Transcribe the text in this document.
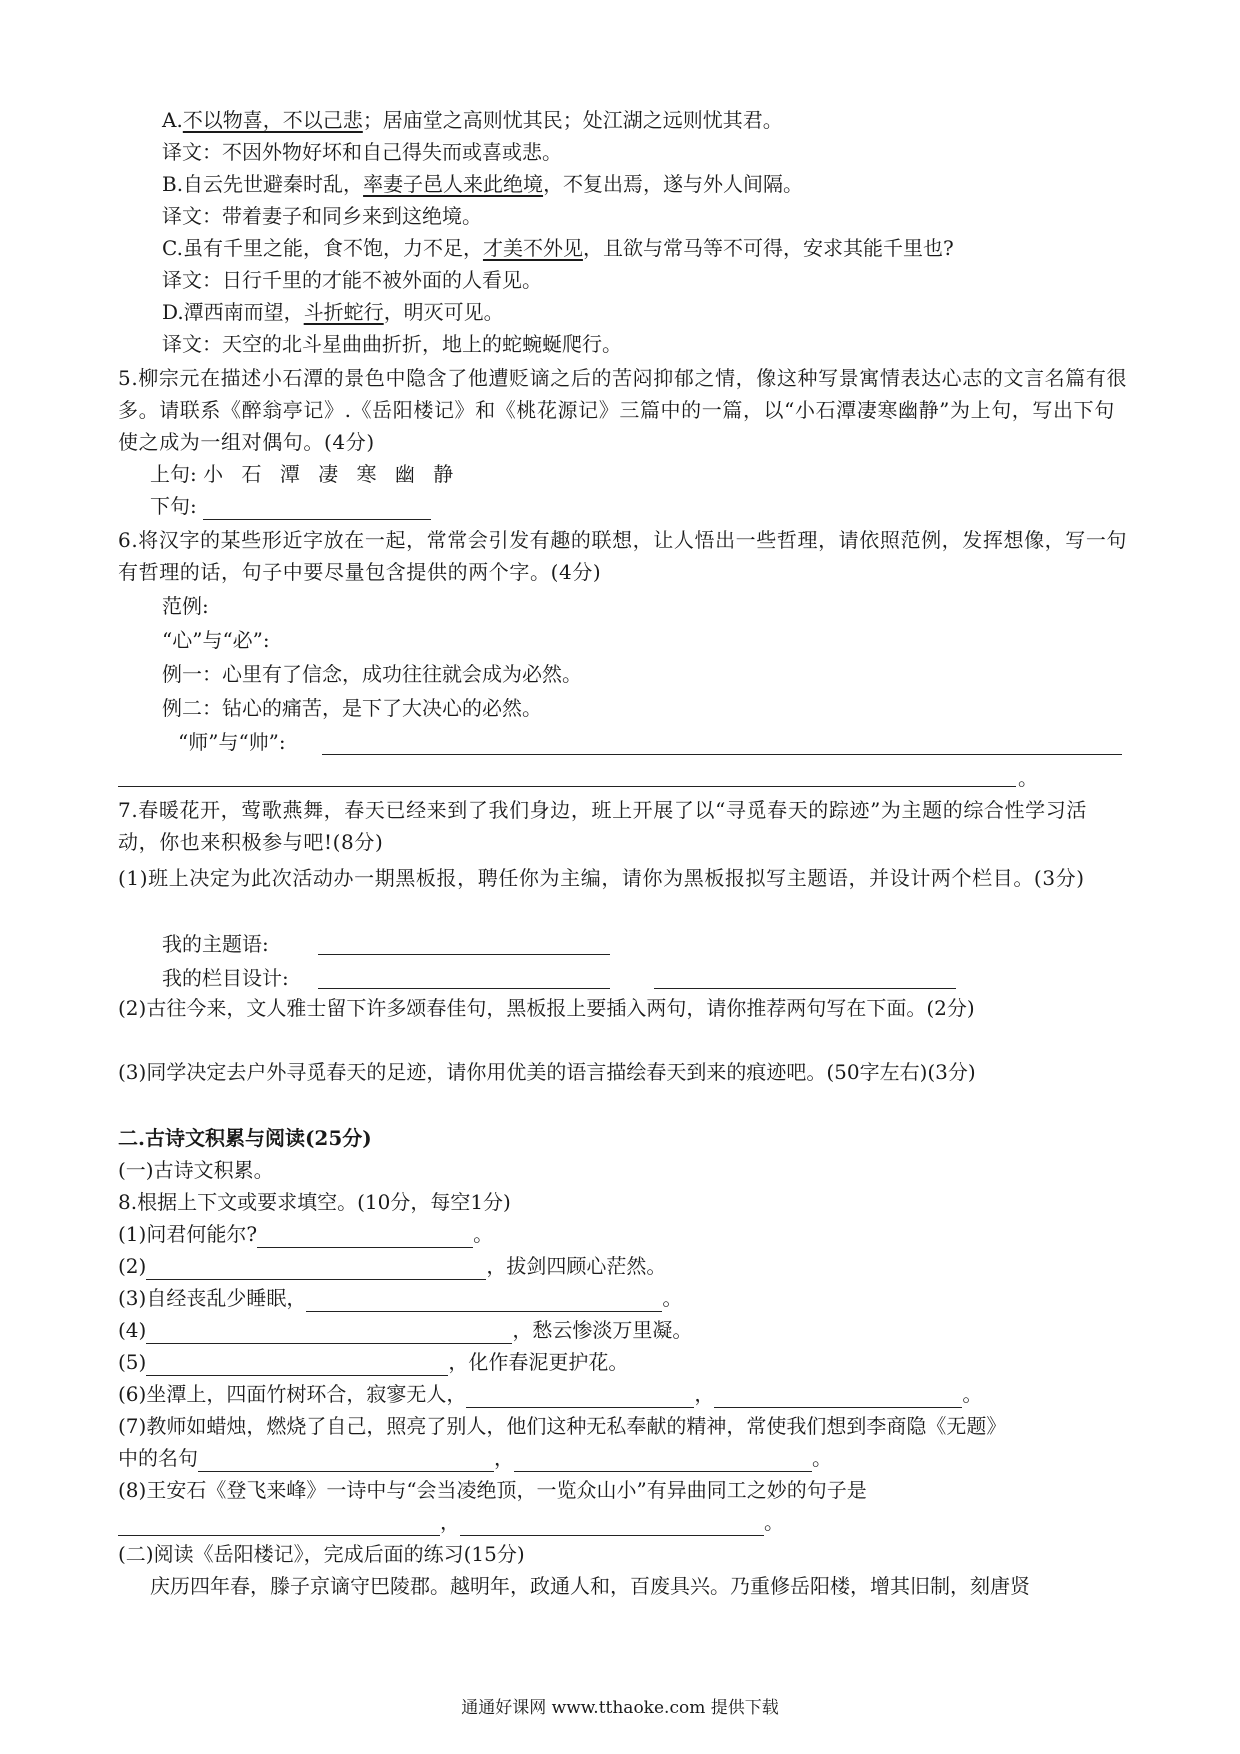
A.不以物喜，不以己悲；居庙堂之高则忧其民；处江湖之远则忧其君。
译文：不因外物好坏和自己得失而或喜或悲。
B.自云先世避秦时乱，率妻子邑人来此绝境，不复出焉，遂与外人间隔。
译文：带着妻子和同乡来到这绝境。
C.虽有千里之能，食不饱，力不足，才美不外见，且欲与常马等不可得，安求其能千里也?
译文：日行千里的才能不被外面的人看见。
D.潭西南而望，斗折蛇行，明灭可见。
译文：天空的北斗星曲曲折折，地上的蛇蜿蜒爬行。
5.柳宗元在描述小石潭的景色中隐含了他遭贬谪之后的苦闷抑郁之情，像这种写景寓情表达心志的文言名篇有很多。请联系《醉翁亭记》.《岳阳楼记》和《桃花源记》三篇中的一篇，以“小石潭凄寒幽静”为上句，写出下句使之成为一组对偶句。(4分)
上句: 小 石 潭 凄 寒 幽 静
下句:
6.将汉字的某些形近字放在一起，常常会引发有趣的联想，让人悟出一些哲理，请依照范例，发挥想像，写一句有哲理的话，句子中要尽量包含提供的两个字。(4分)
范例:
“心”与“必”:
例一：心里有了信念，成功往往就会成为必然。
例二：钻心的痛苦，是下了大决心的必然。
“师”与“帅”:
。
7.春暖花开，莺歌燕舞，春天已经来到了我们身边，班上开展了以“寻觅春天的踪迹”为主题的综合性学习活动，你也来积极参与吧!(8分)
(1)班上决定为此次活动办一期黑板报，聘任你为主编，请你为黑板报拟写主题语，并设计两个栏目。(3分)
我的主题语:
我的栏目设计:
(2)古往今来，文人雅士留下许多颂春佳句，黑板报上要插入两句，请你推荐两句写在下面。(2分)
(3)同学决定去户外寻觅春天的足迹，请你用优美的语言描绘春天到来的痕迹吧。(50字左右)(3分)
二.古诗文积累与阅读(25分)
(一)古诗文积累。
8.根据上下文或要求填空。(10分，每空1分)
(1)问君何能尔?	。
(2)	，拔剑四顾心茫然。
(3)自经丧乱少睡眠，	。
(4)	，愁云惨淡万里凝。
(5)	，化作春泥更护花。
(6)坐潭上，四面竹树环合，寂寥无人，	，	。
(7)教师如蜡烛，燃烧了自己，照亮了别人，他们这种无私奉献的精神，常使我们想到李商隐《无题》
中的名句	，	。
(8)王安石《登飞来峰》一诗中与“会当凌绝顶，一览众山小”有异曲同工之妙的句子是
，	。
(二)阅读《岳阳楼记》，完成后面的练习(15分)
庆历四年春，滕子京谪守巴陵郡。越明年，政通人和，百废具兴。乃重修岳阳楼，增其旧制，刻唐贤
通通好课网 www.tthaoke.com 提供下载
